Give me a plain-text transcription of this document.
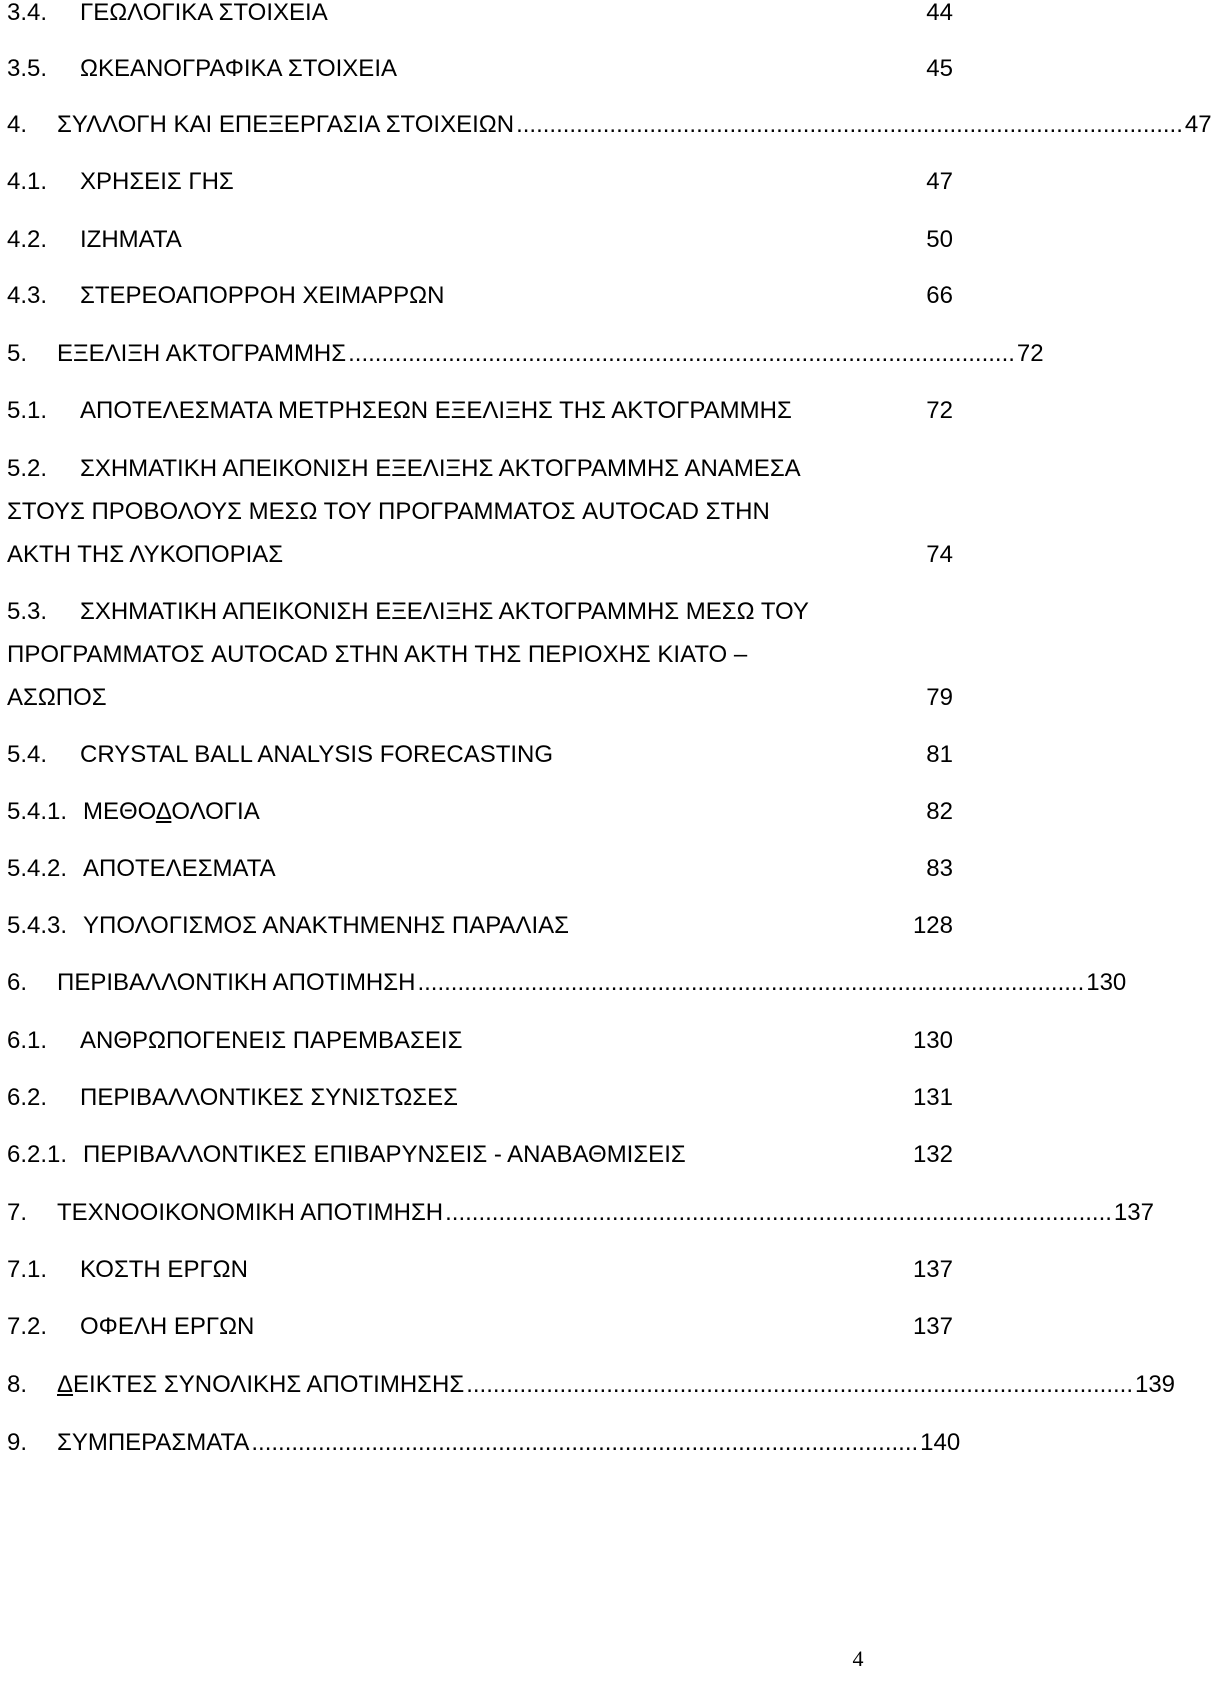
3.4.	ΓΕΩΛΟΓΙΚΑ ΣΤΟΙΧΕΙΑ	44
3.5.	ΩΚΕΑΝΟΓΡΑΦΙΚΑ ΣΤΟΙΧΕΙΑ	45
4.	ΣΥΛΛΟΓΗ ΚΑΙ ΕΠΕΞΕΡΓΑΣΙΑ ΣΤΟΙΧΕΙΩΝ .................................................................................................... 47
4.1.	ΧΡΗΣΕΙΣ ΓΗΣ	47
4.2.	ΙΖΗΜΑΤΑ	50
4.3.	ΣΤΕΡΕΟΑΠΟΡΡΟΗ ΧΕΙΜΑΡΡΩΝ	66
5.	ΕΞΕΛΙΞΗ ΑΚΤΟΓΡΑΜΜΗΣ .................................................................................................... 72
5.1.	ΑΠΟΤΕΛΕΣΜΑΤΑ ΜΕΤΡΗΣΕΩΝ ΕΞΕΛΙΞΗΣ ΤΗΣ ΑΚΤΟΓΡΑΜΜΗΣ	72
5.2.	ΣΧΗΜΑΤΙΚΗ ΑΠΕΙΚΟΝΙΣΗ ΕΞΕΛΙΞΗΣ ΑΚΤΟΓΡΑΜΜΗΣ ΑΝΑΜΕΣΑ
ΣΤΟΥΣ ΠΡΟΒΟΛΟΥΣ ΜΕΣΩ ΤΟΥ ΠΡΟΓΡΑΜΜΑΤΟΣ AUTOCAD ΣΤΗΝ
ΑΚΤΗ ΤΗΣ ΛΥΚΟΠΟΡΙΑΣ	74
5.3.	ΣΧΗΜΑΤΙΚΗ ΑΠΕΙΚΟΝΙΣΗ ΕΞΕΛΙΞΗΣ ΑΚΤΟΓΡΑΜΜΗΣ ΜΕΣΩ ΤΟΥ
ΠΡΟΓΡΑΜΜΑΤΟΣ AUTOCAD ΣΤΗΝ ΑΚΤΗ ΤΗΣ ΠΕΡΙΟΧΗΣ ΚΙΑΤΟ –
ΑΣΩΠΟΣ	79
5.4.	CRYSTAL BALL ANALYSIS FORECASTING	81
5.4.1. ΜΕΘΟΔΟΛΟΓΙΑ	82
5.4.2. ΑΠΟΤΕΛΕΣΜΑΤΑ	83
5.4.3. ΥΠΟΛΟΓΙΣΜΟΣ ΑΝΑΚΤΗΜΕΝΗΣ ΠΑΡΑΛΙΑΣ	128
6.	ΠΕΡΙΒΑΛΛΟΝΤΙΚΗ ΑΠΟΤΙΜΗΣΗ .................................................................................................... 130
6.1.	ΑΝΘΡΩΠΟΓΕΝΕΙΣ ΠΑΡΕΜΒΑΣΕΙΣ	130
6.2.	ΠΕΡΙΒΑΛΛΟΝΤΙΚΕΣ ΣΥΝΙΣΤΩΣΕΣ	131
6.2.1. ΠΕΡΙΒΑΛΛΟΝΤΙΚΕΣ ΕΠΙΒΑΡΥΝΣΕΙΣ - ΑΝΑΒΑΘΜΙΣΕΙΣ	132
7.	ΤΕΧΝΟΟΙΚΟΝΟΜΙΚΗ ΑΠΟΤΙΜΗΣΗ .................................................................................................... 137
7.1.	ΚΟΣΤΗ ΕΡΓΩΝ	137
7.2.	ΟΦΕΛΗ ΕΡΓΩΝ	137
8.	ΔΕΙΚΤΕΣ ΣΥΝΟΛΙΚΗΣ ΑΠΟΤΙΜΗΣΗΣ .................................................................................................... 139
9.	ΣΥΜΠΕΡΑΣΜΑΤΑ .................................................................................................... 140
4
